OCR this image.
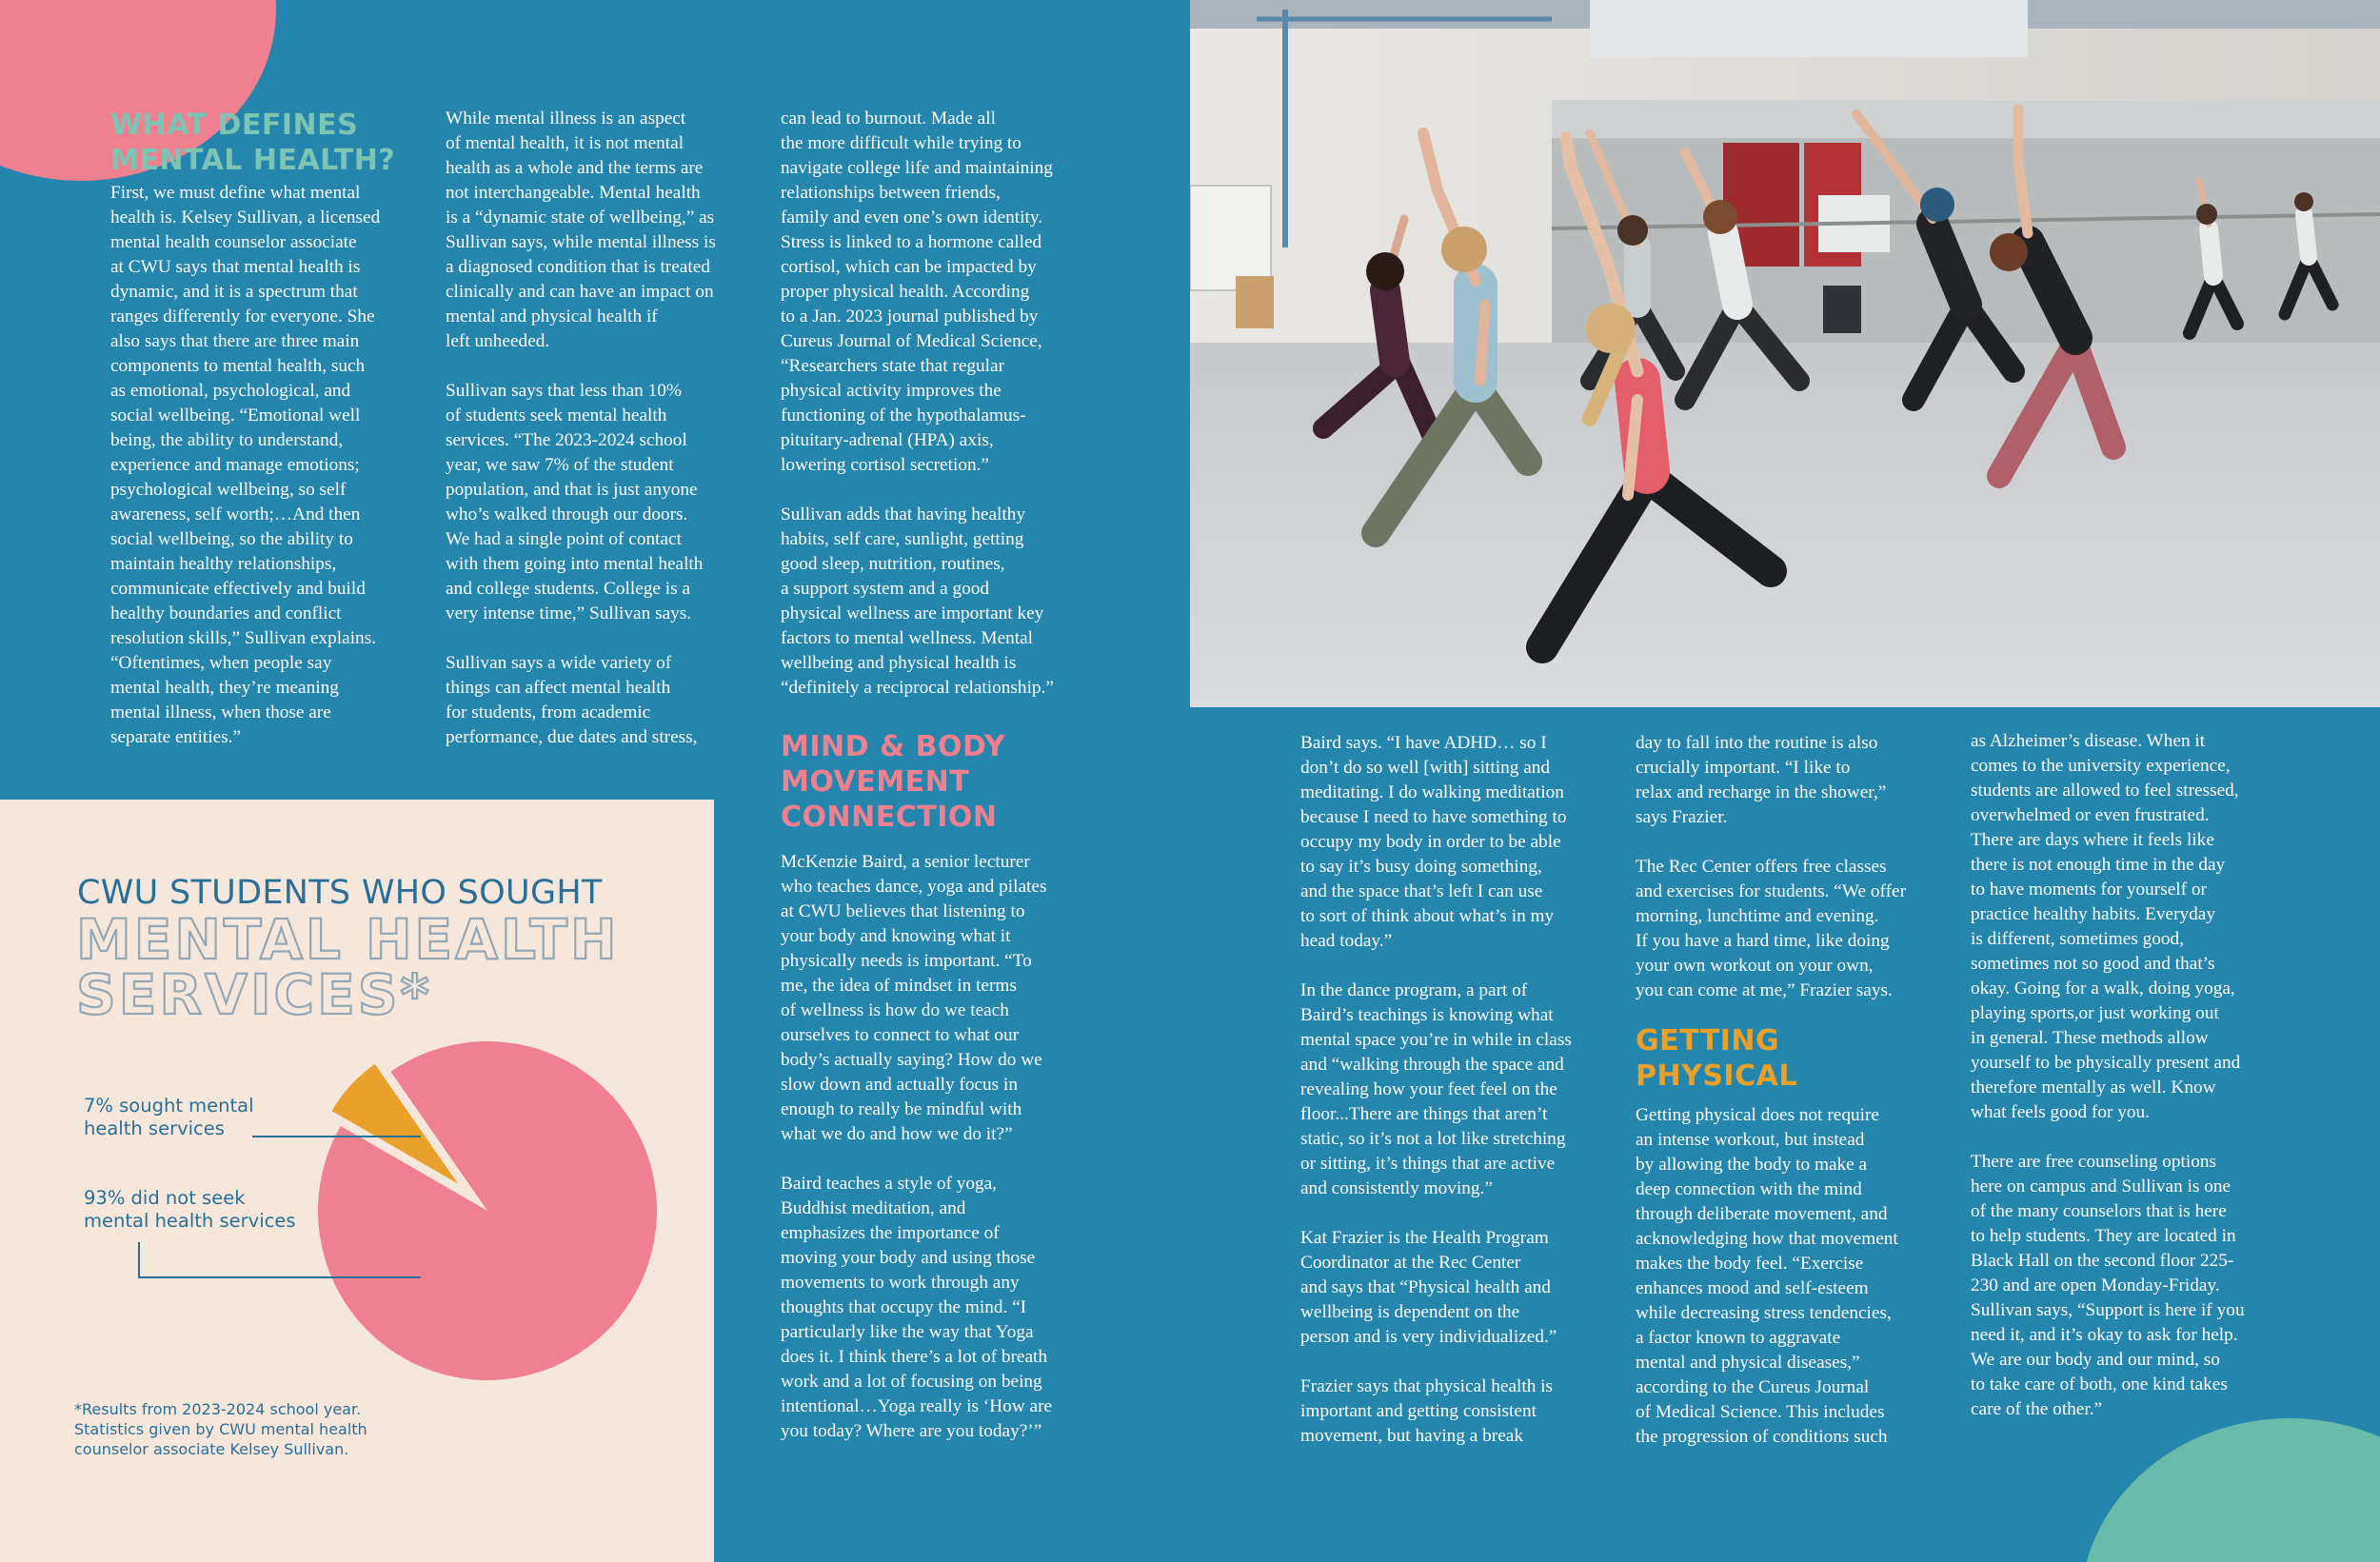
WHAT DEFINES MENTAL HEALTH?

First, we must define what mental
health is. Kelsey Sullivan, a licensed
mental health counselor associate
at CWU says that mental health is
dynamic, and it is a spectrum that
ranges differently for everyone. She
also says that there are three main
components to mental health, such
as emotional, psychological, and
social wellbeing. “Emotional well
being, the ability to understand,
experience and manage emotions;
psychological wellbeing, so self
awareness, self worth;…And then
social wellbeing, so the ability to
maintain healthy relationships,
communicate effectively and build
healthy boundaries and conflict
resolution skills,” Sullivan explains.
“Oftentimes, when people say
mental health, they’re meaning
mental illness, when those are
separate entities.”

While mental illness is an aspect
of mental health, it is not mental
health as a whole and the terms are
not interchangeable. Mental health
is a “dynamic state of wellbeing,” as
Sullivan says, while mental illness is
a diagnosed condition that is treated
clinically and can have an impact on
mental and physical health if
left unheeded.

Sullivan says that less than 10%
of students seek mental health
services. “The 2023-2024 school
year, we saw 7% of the student
population, and that is just anyone
who’s walked through our doors.
We had a single point of contact
with them going into mental health
and college students. College is a
very intense time,” Sullivan says.

Sullivan says a wide variety of
things can affect mental health
for students, from academic
performance, due dates and stress,

can lead to burnout. Made all
the more difficult while trying to
navigate college life and maintaining
relationships between friends,
family and even one’s own identity.
Stress is linked to a hormone called
cortisol, which can be impacted by
proper physical health. According
to a Jan. 2023 journal published by
Cureus Journal of Medical Science,
“Researchers state that regular
physical activity improves the
functioning of the hypothalamus-
pituitary-adrenal (HPA) axis,
lowering cortisol secretion.”

Sullivan adds that having healthy
habits, self care, sunlight, getting
good sleep, nutrition, routines,
a support system and a good
physical wellness are important key
factors to mental wellness. Mental
wellbeing and physical health is
“definitely a reciprocal relationship.”

MIND & BODY MOVEMENT CONNECTION

McKenzie Baird, a senior lecturer
who teaches dance, yoga and pilates
at CWU believes that listening to
your body and knowing what it
physically needs is important. “To
me, the idea of mindset in terms
of wellness is how do we teach
ourselves to connect to what our
body’s actually saying? How do we
slow down and actually focus in
enough to really be mindful with
what we do and how we do it?”

Baird teaches a style of yoga,
Buddhist meditation, and
emphasizes the importance of
moving your body and using those
movements to work through any
thoughts that occupy the mind. “I
particularly like the way that Yoga
does it. I think there’s a lot of breath
work and a lot of focusing on being
intentional…Yoga really is ‘How are
you today? Where are you today?’”

Baird says. “I have ADHD… so I
don’t do so well [with] sitting and
meditating. I do walking meditation
because I need to have something to
occupy my body in order to be able
to say it’s busy doing something,
and the space that’s left I can use
to sort of think about what’s in my
head today.”

In the dance program, a part of
Baird’s teachings is knowing what
mental space you’re in while in class
and “walking through the space and
revealing how your feet feel on the
floor...There are things that aren’t
static, so it’s not a lot like stretching
or sitting, it’s things that are active
and consistently moving.”

Kat Frazier is the Health Program
Coordinator at the Rec Center
and says that “Physical health and
wellbeing is dependent on the
person and is very individualized.”

Frazier says that physical health is
important and getting consistent
movement, but having a break

day to fall into the routine is also
crucially important. “I like to
relax and recharge in the shower,”
says Frazier.

The Rec Center offers free classes
and exercises for students. “We offer
morning, lunchtime and evening.
If you have a hard time, like doing
your own workout on your own,
you can come at me,” Frazier says.

GETTING PHYSICAL

Getting physical does not require
an intense workout, but instead
by allowing the body to make a
deep connection with the mind
through deliberate movement, and
acknowledging how that movement
makes the body feel. “Exercise
enhances mood and self-esteem
while decreasing stress tendencies,
a factor known to aggravate
mental and physical diseases,”
according to the Cureus Journal
of Medical Science. This includes
the progression of conditions such

as Alzheimer’s disease. When it
comes to the university experience,
students are allowed to feel stressed,
overwhelmed or even frustrated.
There are days where it feels like
there is not enough time in the day
to have moments for yourself or
practice healthy habits. Everyday
is different, sometimes good,
sometimes not so good and that’s
okay. Going for a walk, doing yoga,
playing sports,or just working out
in general. These methods allow
yourself to be physically present and
therefore mentally as well. Know
what feels good for you.

There are free counseling options
here on campus and Sullivan is one
of the many counselors that is here
to help students. They are located in
Black Hall on the second floor 225-
230 and are open Monday-Friday.
Sullivan says, “Support is here if you
need it, and it’s okay to ask for help.
We are our body and our mind, so
to take care of both, one kind takes
care of the other.”

CWU STUDENTS WHO SOUGHT
MENTAL HEALTH SERVICES*
7% sought mental
health services
93% did not seek
mental health services
*Results from 2023-2024 school year.
Statistics given by CWU mental health
counselor associate Kelsey Sullivan.
